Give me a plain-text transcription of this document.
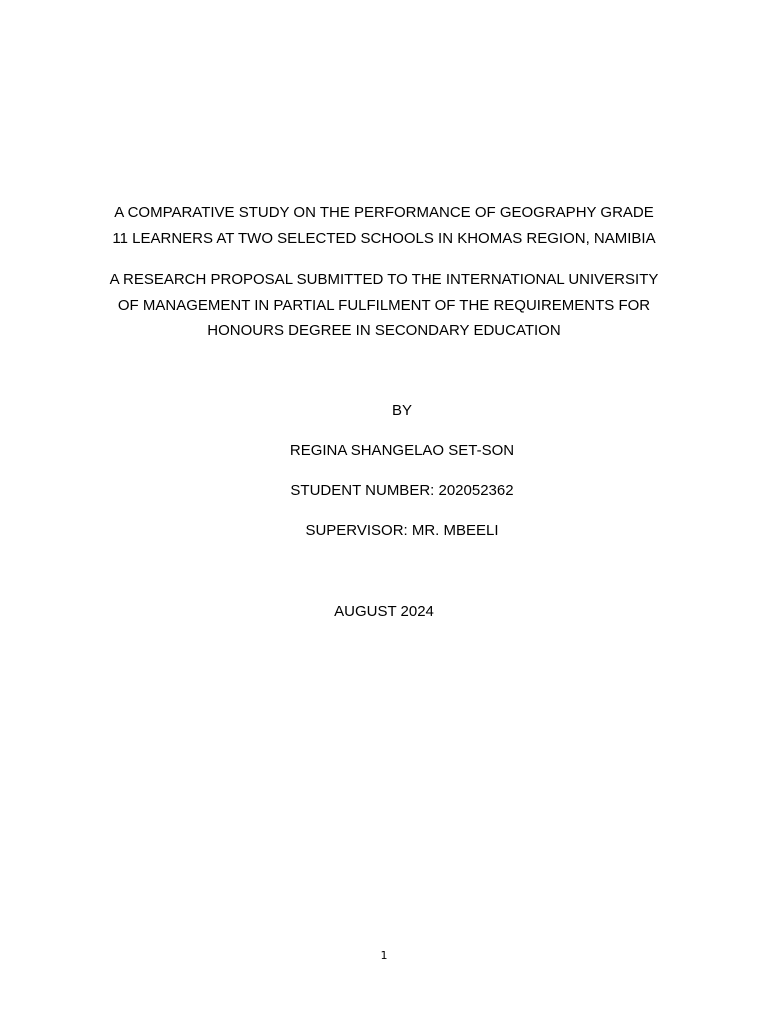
A COMPARATIVE STUDY ON THE PERFORMANCE OF GEOGRAPHY GRADE
11 LEARNERS AT TWO SELECTED SCHOOLS IN KHOMAS REGION, NAMIBIA
A RESEARCH PROPOSAL SUBMITTED TO THE INTERNATIONAL UNIVERSITY
OF MANAGEMENT IN PARTIAL FULFILMENT OF THE REQUIREMENTS FOR
HONOURS DEGREE IN SECONDARY EDUCATION
BY
REGINA SHANGELAO SET-SON
STUDENT NUMBER: 202052362
SUPERVISOR: MR. MBEELI
AUGUST 2024
1
